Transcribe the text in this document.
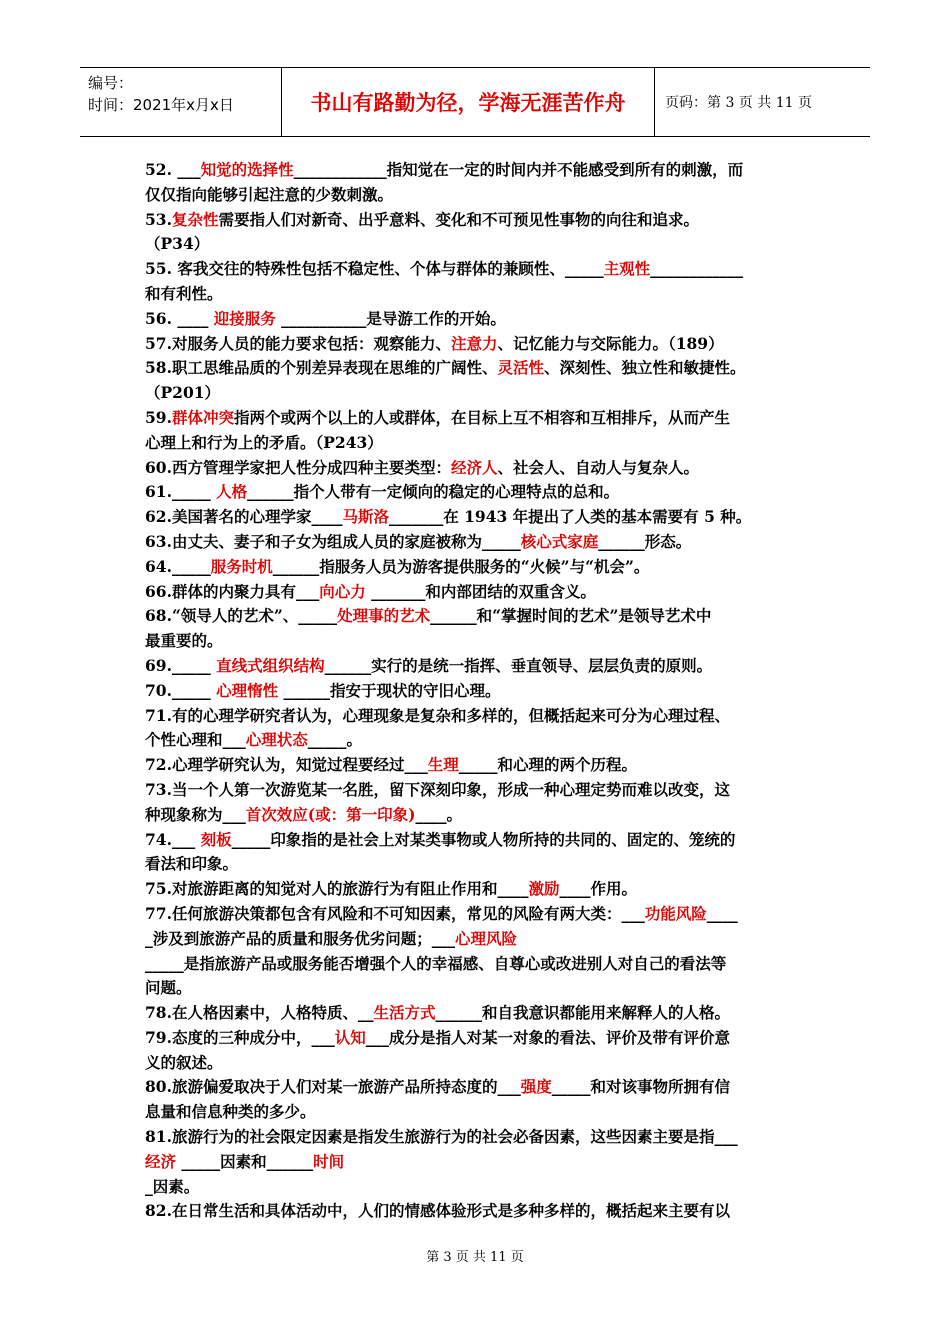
编号：
时间：2021年x月x日	书山有路勤为径，学海无涯苦作舟	页码：第 3 页 共 11 页
52. ___知觉的选择性____________指知觉在一定的时间内并不能感受到所有的刺激，而
仅仅指向能够引起注意的少数刺激。
53.复杂性需要指人们对新奇、出乎意料、变化和不可预见性事物的向往和追求。
（P34）
55. 客我交往的特殊性包括不稳定性、个体与群体的兼顾性、_____主观性____________
和有利性。
56. ____ 迎接服务 ___________是导游工作的开始。
57.对服务人员的能力要求包括：观察能力、注意力、记忆能力与交际能力。（189）
58.职工思维品质的个别差异表现在思维的广阔性、灵活性、深刻性、独立性和敏捷性。
（P201）
59.群体冲突指两个或两个以上的人或群体，在目标上互不相容和互相排斥，从而产生
心理上和行为上的矛盾。（P243）
60.西方管理学家把人性分成四种主要类型：经济人、社会人、自动人与复杂人。
61._____ 人格______指个人带有一定倾向的稳定的心理特点的总和。
62.美国著名的心理学家____马斯洛_______在 1943 年提出了人类的基本需要有 5 种。
63.由丈夫、妻子和子女为组成人员的家庭被称为_____核心式家庭______形态。
64._____服务时机______指服务人员为游客提供服务的“火候”与“机会”。
66.群体的内聚力具有___向心力 _______和内部团结的双重含义。
68.“领导人的艺术”、_____处理事的艺术______和“掌握时间的艺术”是领导艺术中
最重要的。
69._____ 直线式组织结构______实行的是统一指挥、垂直领导、层层负责的原则。
70._____ 心理惰性 ______指安于现状的守旧心理。
71.有的心理学研究者认为，心理现象是复杂和多样的，但概括起来可分为心理过程、
个性心理和___心理状态_____。
72.心理学研究认为，知觉过程要经过___生理_____和心理的两个历程。
73.当一个人第一次游览某一名胜，留下深刻印象，形成一种心理定势而难以改变，这
种现象称为___首次效应(或：第一印象)____。
74.___ 刻板_____印象指的是社会上对某类事物或人物所持的共同的、固定的、笼统的
看法和印象。
75.对旅游距离的知觉对人的旅游行为有阻止作用和____激励____作用。
77.任何旅游决策都包含有风险和不可知因素，常见的风险有两大类：___功能风险____
_涉及到旅游产品的质量和服务优劣问题；___心理风险
_____是指旅游产品或服务能否增强个人的幸福感、自尊心或改进别人对自己的看法等
问题。
78.在人格因素中，人格特质、__生活方式______和自我意识都能用来解释人的人格。
79.态度的三种成分中，___认知___成分是指人对某一对象的看法、评价及带有评价意
义的叙述。
80.旅游偏爱取决于人们对某一旅游产品所持态度的___强度_____和对该事物所拥有信
息量和信息种类的多少。
81.旅游行为的社会限定因素是指发生旅游行为的社会必备因素，这些因素主要是指___
经济 _____因素和______时间
_因素。
82.在日常生活和具体活动中，人们的情感体验形式是多种多样的，概括起来主要有以
第 3 页 共 11 页
